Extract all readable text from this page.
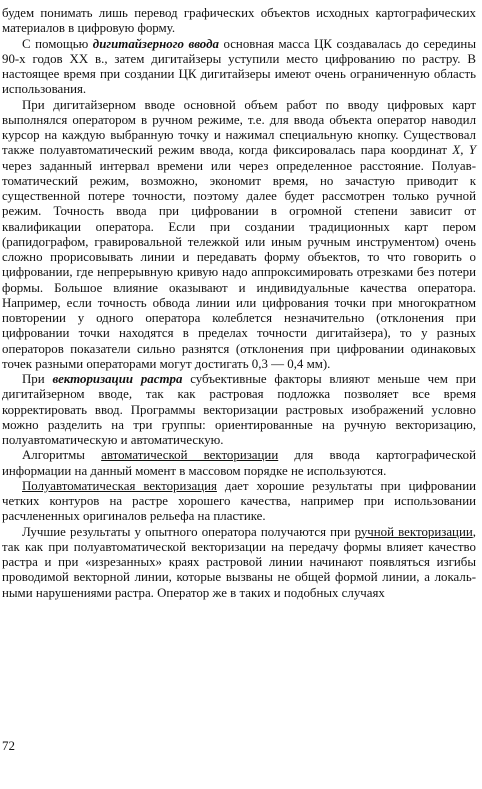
будем понимать лишь перевод графических объектов исходных картографических материалов в цифровую форму.

С помощью дигитайзерного ввода основная масса ЦК создавалась до середины 90-х годов XX в., затем дигитайзеры уступили место цифрованию по растру. В настоящее время при создании ЦК дигитайзеры имеют очень ограниченную область использования.

При дигитайзерном вводе основной объем работ по вводу цифровых карт выполнялся оператором в ручном режиме, т.е. для ввода объекта оператор наводил курсор на каждую выбранную точку и нажимал специальную кнопку. Существовал также полуавтоматический режим ввода, когда фиксировалась пара координат X, Y через заданный интервал времени или через определенное расстояние. Полуавтоматический режим, возможно, экономит время, но зачастую приводит к существенной потере точности, поэтому далее будет рассмотрен только ручной режим. Точность ввода при цифровании в огромной степени зависит от квалификации оператора. Если при создании традиционных карт пером (рапидографом, гравировальной тележкой или иным ручным инструментом) очень сложно прорисовывать линии и передавать форму объектов, то что говорить о цифровании, где непрерывную кривую надо аппроксимировать отрезками без потери формы. Большое влияние оказывают и индивидуальные качества оператора. Например, если точность обвода линии или цифрования точки при многократном повторении у одного оператора колеблется незначительно (отклонения при цифровании точки находятся в пределах точности дигитайзера), то у разных операторов показатели сильно разнятся (отклонения при цифровании одинаковых точек разными операторами могут достигать 0,3 — 0,4 мм).

При векторизации растра субъективные факторы влияют меньше чем при дигитайзерном вводе, так как растровая подложка позволяет все время корректировать ввод. Программы векторизации растровых изображений условно можно разделить на три группы: ориентированные на ручную векторизацию, полуавтоматическую и автоматическую.

Алгоритмы автоматической векторизации для ввода картографической информации на данный момент в массовом порядке не используются.

Полуавтоматическая векторизация дает хорошие результаты при цифровании четких контуров на растре хорошего качества, например при использовании расчлененных оригиналов рельефа на пластике.

Лучшие результаты у опытного оператора получаются при ручной векторизации, так как при полуавтоматической векторизации на передачу формы влияет качество растра и при «изрезанных» краях растровой линии начинают появляться изгибы проводимой векторной линии, которые вызваны не общей формой линии, а локальными нарушениями растра. Оператор же в таких и подобных случаях

72
